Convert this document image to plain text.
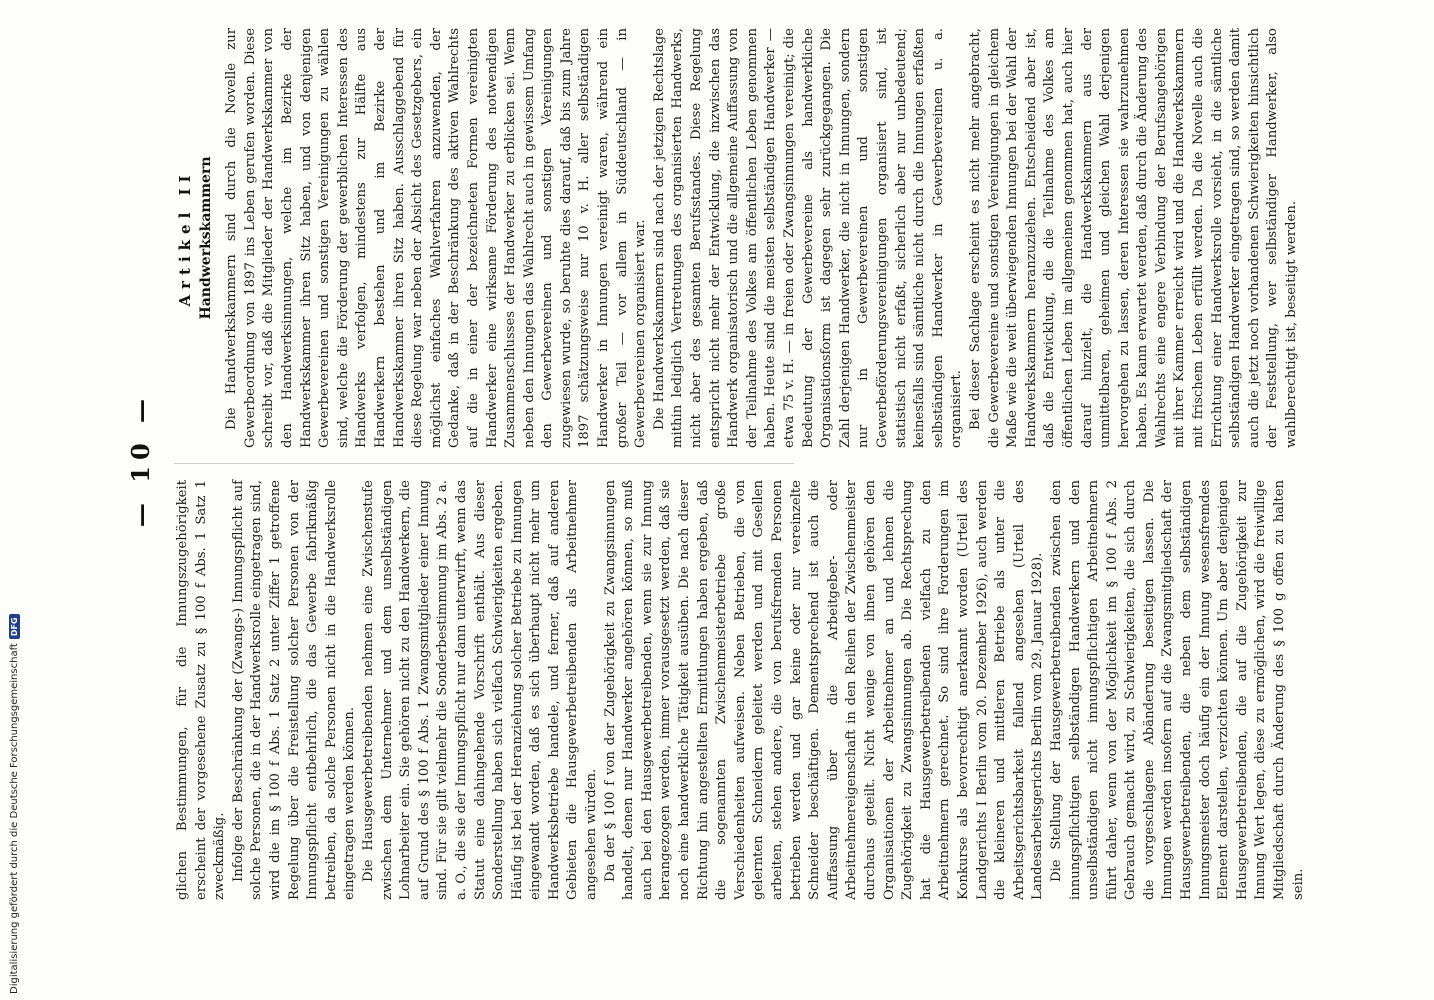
— 10 —

glichen Bestimmungen, für die Innungszugehörigkeit erscheint der vorgesehene Zusatz zu § 100 f Abs. 1 Satz 1 zweckmäßig. Infolge der Beschränkung der (Zwangs-) Innungspflicht auf solche Personen, die in der Handwerksrolle eingetragen sind, wird die im § 100 f Abs. 1 Satz 2 unter Ziffer 1 getroffene Regelung über die Freistellung solcher Personen von der Innungspflicht entbehrlich, die das Gewerbe fabrikmäßig betreiben, da solche Personen nicht in die Handwerksrolle eingetragen werden können. Die Hausgewerbetreibenden nehmen eine Zwischenstufe zwischen dem Unternehmer und dem unselbständigen Lohnarbeiter ein. Sie gehören nicht zu den Handwerkern, die auf Grund des § 100 f Abs. 1 Zwangsmitglieder einer Innung sind. Für sie gilt vielmehr die Sonderbestimmung im Abs. 2 a. a. O., die sie der Innungspflicht nur dann unterwirft, wenn das Statut eine dahingehende Vorschrift enthält. Aus dieser Sonderstellung haben sich vielfach Schwierigkeiten ergeben. Häufig ist bei der Heranziehung solcher Betriebe zu Innungen eingewandt worden, daß es sich überhaupt nicht mehr um Handwerksbetriebe handele, und ferner, daß auf anderen Gebieten die Hausgewerbetreibenden als Arbeitnehmer angesehen würden. Da der § 100 f von der Zugehörigkeit zu Zwangsinnungen handelt, denen nur Handwerker angehören können, so muß auch bei den Hausgewerbetreibenden, wenn sie zur Innung herangezogen werden, immer vorausgesetzt werden, daß sie noch eine handwerkliche Tätigkeit ausüben. Die nach dieser Richtung hin angestellten Ermittlungen haben ergeben, daß die sogenannten Zwischenmeisterbetriebe große Verschiedenheiten aufweisen. Neben Betrieben, die von gelernten Schneidern geleitet werden und mit Gesellen arbeiten, stehen andere, die von berufsfremden Personen betrieben werden und gar keine oder nur vereinzelte Schneider beschäftigen. Dementsprechend ist auch die Auffassung über die Arbeitgeber- oder Arbeitnehmereigenschaft in den Reihen der Zwischenmeister durchaus geteilt. Nicht wenige von ihnen gehören den Organisationen der Arbeitnehmer an und lehnen die Zugehörigkeit zu Zwangsinnungen ab. Die Rechtsprechung hat die Hausgewerbetreibenden vielfach zu den Arbeitnehmern gerechnet. So sind ihre Forderungen im Konkurse als bevorrechtigt anerkannt worden (Urteil des Landgerichts I Berlin vom 20. Dezember 1926), auch werden die kleineren und mittleren Betriebe als unter die Arbeitsgerichtsbarkeit fallend angesehen (Urteil des Landesarbeitsgerichts Berlin vom 29. Januar 1928). Die Stellung der Hausgewerbetreibenden zwischen den innungspflichtigen selbständigen Handwerkern und den unselbständigen nicht innungspflichtigen Arbeitnehmern führt daher, wenn von der Möglichkeit im § 100 f Abs. 2 Gebrauch gemacht wird, zu Schwierigkeiten, die sich durch die vorgeschlagene Abänderung beseitigen lassen. Die Innungen werden insofern auf die Zwangsmitgliedschaft der Hausgewerbetreibenden, die neben dem selbständigen Innungsmeister doch häufig ein der Innung wesensfremdes Element darstellen, verzichten können. Um aber denjenigen Hausgewerbetreibenden, die auf die Zugehörigkeit zur Innung Wert legen, diese zu ermöglichen, wird die freiwillige Mitgliedschaft durch Änderung des § 100 g offen zu halten sein.

Artikel II Handwerkskammern Die Handwerkskammern sind durch die Novelle zur Gewerbeordnung von 1897 ins Leben gerufen worden. Diese schreibt vor, daß die Mitglieder der Handwerkskammer von den Handwerksinnungen, welche im Bezirke der Handwerkskammer ihren Sitz haben, und von denjenigen Gewerbevereinen und sonstigen Vereinigungen zu wählen sind, welche die Förderung der gewerblichen Interessen des Handwerks verfolgen, mindestens zur Hälfte aus Handwerkern bestehen und im Bezirke der Handwerkskammer ihren Sitz haben. Ausschlaggebend für diese Regelung war neben der Absicht des Gesetzgebers, ein möglichst einfaches Wahlverfahren anzuwenden, der Gedanke, daß in der Beschränkung des aktiven Wahlrechts auf die in einer der bezeichneten Formen vereinigten Handwerker eine wirksame Förderung des notwendigen Zusammenschlusses der Handwerker zu erblicken sei. Wenn neben den Innungen das Wahlrecht auch in gewissem Umfang den Gewerbevereinen und sonstigen Vereinigungen zugewiesen wurde, so beruhte dies darauf, daß bis zum Jahre 1897 schätzungsweise nur 10 v. H. aller selbständigen Handwerker in Innungen vereinigt waren, während ein großer Teil — vor allem in Süddeutschland — in Gewerbevereinen organisiert war. Die Handwerkskammern sind nach der jetzigen Rechtslage mithin lediglich Vertretungen des organisierten Handwerks, nicht aber des gesamten Berufsstandes. Diese Regelung entspricht nicht mehr der Entwicklung, die inzwischen das Handwerk organisatorisch und die allgemeine Auffassung von der Teilnahme des Volkes am öffentlichen Leben genommen haben. Heute sind die meisten selbständigen Handwerker — etwa 75 v. H. — in freien oder Zwangsinnungen vereinigt; die Bedeutung der Gewerbevereine als handwerkliche Organisationsform ist dagegen sehr zurückgegangen. Die Zahl derjenigen Handwerker, die nicht in Innungen, sondern nur in Gewerbevereinen und sonstigen Gewerbeförderungsvereinigungen organisiert sind, ist statistisch nicht erfaßt, sicherlich aber nur unbedeutend; keinesfalls sind sämtliche nicht durch die Innungen erfaßten selbständigen Handwerker in Gewerbevereinen u. a. organisiert. Bei dieser Sachlage erscheint es nicht mehr angebracht, die Gewerbevereine und sonstigen Vereinigungen in gleichem Maße wie die weit überwiegenden Innungen bei der Wahl der Handwerkskammern heranzuziehen. Entscheidend aber ist, daß die Entwicklung, die die Teilnahme des Volkes am öffentlichen Leben im allgemeinen genommen hat, auch hier darauf hinzielt, die Handwerkskammern aus der unmittelbaren, geheimen und gleichen Wahl derjenigen hervorgehen zu lassen, deren Interessen sie wahrzunehmen haben. Es kann erwartet werden, daß durch die Änderung des Wahlrechts eine engere Verbindung der Berufsangehörigen mit ihrer Kammer erreicht wird und die Handwerkskammern mit frischem Leben erfüllt werden. Da die Novelle auch die Errichtung einer Handwerksrolle vorsieht, in die sämtliche selbständigen Handwerker eingetragen sind, so werden damit auch die jetzt noch vorhandenen Schwierigkeiten hinsichtlich der Feststellung, wer selbständiger Handwerker, also wahlberechtigt ist, beseitigt werden.

Digitalisierung gefördert durch die Deutsche Forschungsgemeinschaft
DFG
